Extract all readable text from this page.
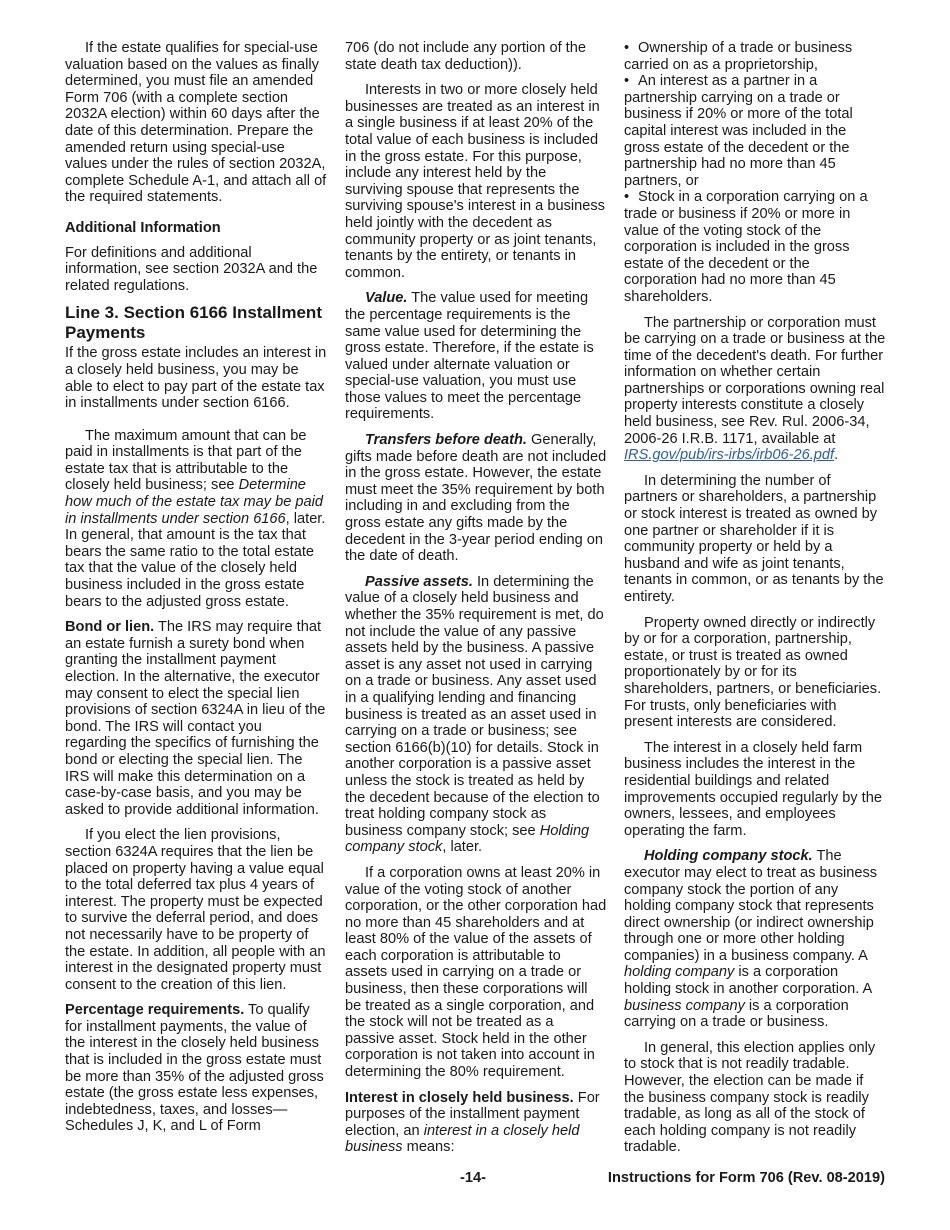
If the estate qualifies for special-use valuation based on the values as finally determined, you must file an amended Form 706 (with a complete section 2032A election) within 60 days after the date of this determination. Prepare the amended return using special-use values under the rules of section 2032A, complete Schedule A-1, and attach all of the required statements.

Additional Information

For definitions and additional information, see section 2032A and the related regulations.

Line 3. Section 6166 Installment Payments

If the gross estate includes an interest in a closely held business, you may be able to elect to pay part of the estate tax in installments under section 6166.

The maximum amount that can be paid in installments is that part of the estate tax that is attributable to the closely held business; see Determine how much of the estate tax may be paid in installments under section 6166, later. In general, that amount is the tax that bears the same ratio to the total estate tax that the value of the closely held business included in the gross estate bears to the adjusted gross estate.

Bond or lien. The IRS may require that an estate furnish a surety bond when granting the installment payment election. In the alternative, the executor may consent to elect the special lien provisions of section 6324A in lieu of the bond. The IRS will contact you regarding the specifics of furnishing the bond or electing the special lien. The IRS will make this determination on a case-by-case basis, and you may be asked to provide additional information.

If you elect the lien provisions, section 6324A requires that the lien be placed on property having a value equal to the total deferred tax plus 4 years of interest. The property must be expected to survive the deferral period, and does not necessarily have to be property of the estate. In addition, all people with an interest in the designated property must consent to the creation of this lien.

Percentage requirements. To qualify for installment payments, the value of the interest in the closely held business that is included in the gross estate must be more than 35% of the adjusted gross estate (the gross estate less expenses, indebtedness, taxes, and losses—Schedules J, K, and L of Form

706 (do not include any portion of the state death tax deduction)).

Interests in two or more closely held businesses are treated as an interest in a single business if at least 20% of the total value of each business is included in the gross estate. For this purpose, include any interest held by the surviving spouse that represents the surviving spouse's interest in a business held jointly with the decedent as community property or as joint tenants, tenants by the entirety, or tenants in common.

Value. The value used for meeting the percentage requirements is the same value used for determining the gross estate. Therefore, if the estate is valued under alternate valuation or special-use valuation, you must use those values to meet the percentage requirements.

Transfers before death. Generally, gifts made before death are not included in the gross estate. However, the estate must meet the 35% requirement by both including in and excluding from the gross estate any gifts made by the decedent in the 3-year period ending on the date of death.

Passive assets. In determining the value of a closely held business and whether the 35% requirement is met, do not include the value of any passive assets held by the business. A passive asset is any asset not used in carrying on a trade or business. Any asset used in a qualifying lending and financing business is treated as an asset used in carrying on a trade or business; see section 6166(b)(10) for details. Stock in another corporation is a passive asset unless the stock is treated as held by the decedent because of the election to treat holding company stock as business company stock; see Holding company stock, later.

If a corporation owns at least 20% in value of the voting stock of another corporation, or the other corporation had no more than 45 shareholders and at least 80% of the value of the assets of each corporation is attributable to assets used in carrying on a trade or business, then these corporations will be treated as a single corporation, and the stock will not be treated as a passive asset. Stock held in the other corporation is not taken into account in determining the 80% requirement.

Interest in closely held business. For purposes of the installment payment election, an interest in a closely held business means:

• Ownership of a trade or business carried on as a proprietorship,

• An interest as a partner in a partnership carrying on a trade or business if 20% or more of the total capital interest was included in the gross estate of the decedent or the partnership had no more than 45 partners, or

• Stock in a corporation carrying on a trade or business if 20% or more in value of the voting stock of the corporation is included in the gross estate of the decedent or the corporation had no more than 45 shareholders.

The partnership or corporation must be carrying on a trade or business at the time of the decedent's death. For further information on whether certain partnerships or corporations owning real property interests constitute a closely held business, see Rev. Rul. 2006-34, 2006-26 I.R.B. 1171, available at IRS.gov/pub/irs-irbs/irb06-26.pdf.

In determining the number of partners or shareholders, a partnership or stock interest is treated as owned by one partner or shareholder if it is community property or held by a husband and wife as joint tenants, tenants in common, or as tenants by the entirety.

Property owned directly or indirectly by or for a corporation, partnership, estate, or trust is treated as owned proportionately by or for its shareholders, partners, or beneficiaries. For trusts, only beneficiaries with present interests are considered.

The interest in a closely held farm business includes the interest in the residential buildings and related improvements occupied regularly by the owners, lessees, and employees operating the farm.

Holding company stock. The executor may elect to treat as business company stock the portion of any holding company stock that represents direct ownership (or indirect ownership through one or more other holding companies) in a business company. A holding company is a corporation holding stock in another corporation. A business company is a corporation carrying on a trade or business.

In general, this election applies only to stock that is not readily tradable. However, the election can be made if the business company stock is readily tradable, as long as all of the stock of each holding company is not readily tradable.

-14-	Instructions for Form 706 (Rev. 08-2019)
